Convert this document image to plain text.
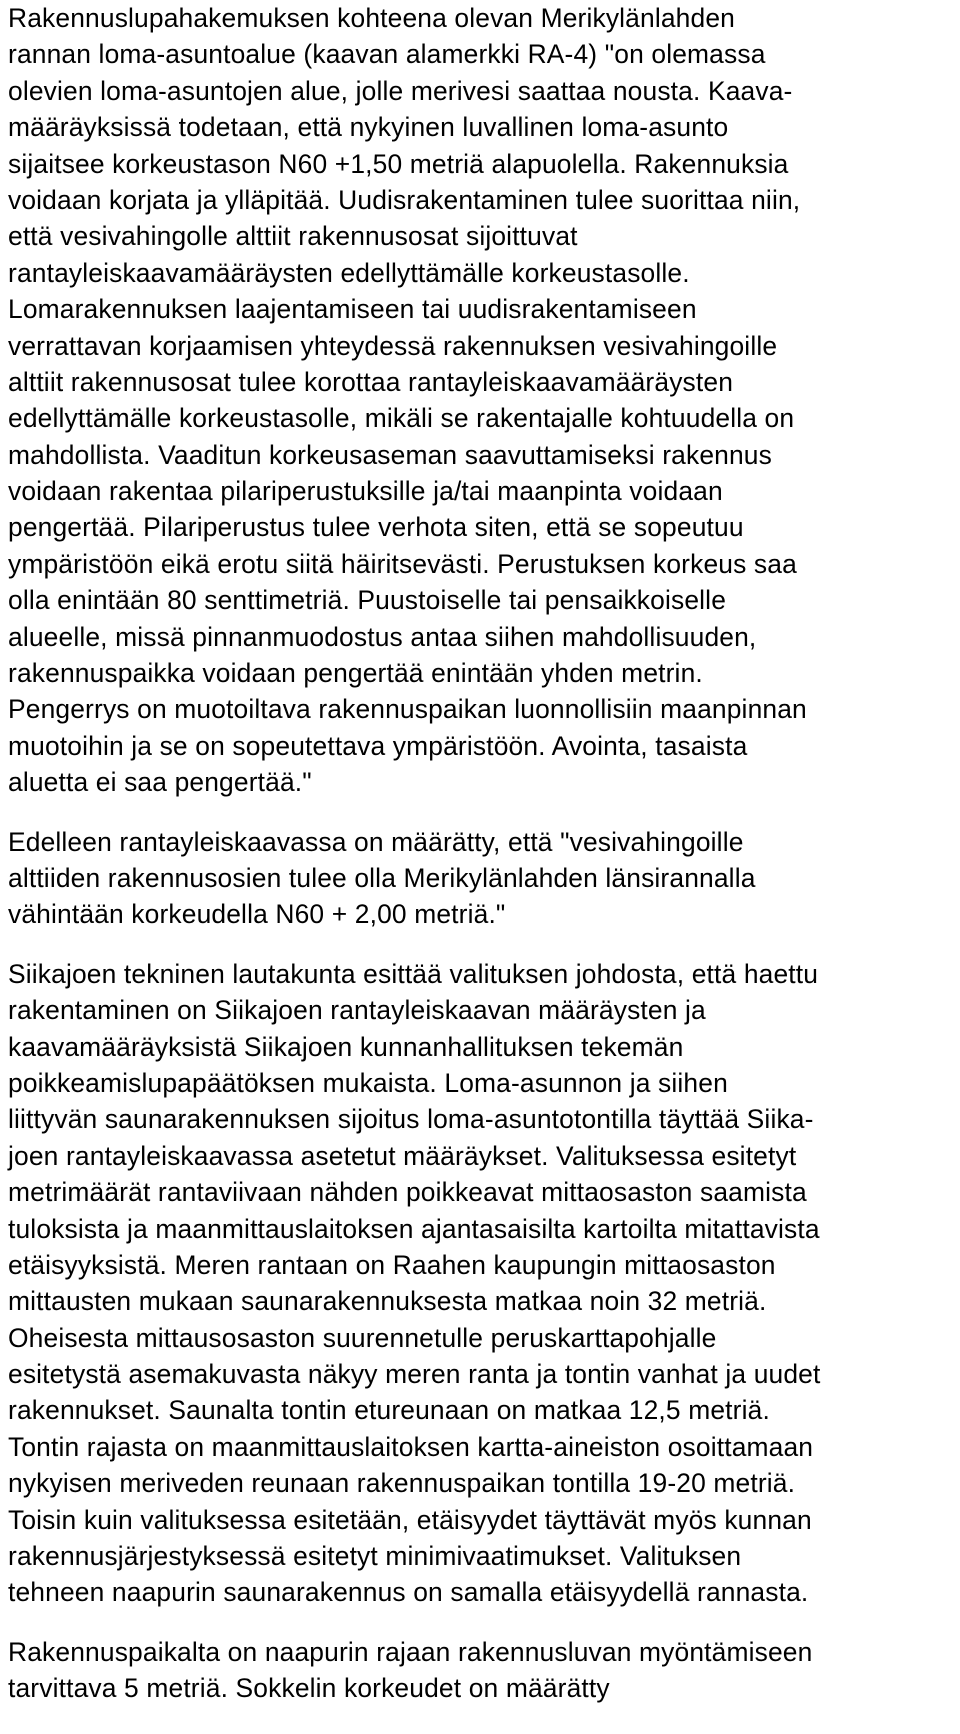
Rakennuslupahakemuksen kohteena olevan Merikylänlahden
rannan loma-asuntoalue (kaavan alamerkki RA-4) "on olemassa
olevien loma-asuntojen alue, jolle merivesi saattaa nousta. Kaava-
määräyksissä todetaan, että nykyinen luvallinen loma-asunto
sijaitsee korkeustason N60 +1,50 metriä alapuolella. Rakennuksia
voidaan korjata ja ylläpitää. Uudisrakentaminen tulee suorittaa niin,
että vesivahingolle alttiit rakennusosat sijoittuvat
rantayleiskaavamääräysten edellyttämälle korkeustasolle.
Lomarakennuksen laajentamiseen tai uudisrakentamiseen
verrattavan korjaamisen yhteydessä rakennuksen vesivahingoille
alttiit rakennusosat tulee korottaa rantayleiskaavamääräysten
edellyttämälle korkeustasolle, mikäli se rakentajalle kohtuudella on
mahdollista. Vaaditun korkeusaseman saavuttamiseksi rakennus
voidaan rakentaa pilariperustuksille ja/tai maanpinta voidaan
pengertää. Pilariperustus tulee verhota siten, että se sopeutuu
ympäristöön eikä erotu siitä häiritsevästi. Perustuksen korkeus saa
olla enintään 80 senttimetriä. Puustoiselle tai pensaikkoiselle
alueelle, missä pinnanmuodostus antaa siihen mahdollisuuden,
rakennuspaikka voidaan pengertää enintään yhden metrin.
Pengerrys on muotoiltava rakennuspaikan luonnollisiin maanpinnan
muotoihin ja se on sopeutettava ympäristöön. Avointa, tasaista
aluetta ei saa pengertää."
Edelleen rantayleiskaavassa on määrätty, että "vesivahingoille
alttiiden rakennusosien tulee olla Merikylänlahden länsirannalla
vähintään korkeudella N60 + 2,00 metriä."
Siikajoen tekninen lautakunta esittää valituksen johdosta, että haettu
rakentaminen on Siikajoen rantayleiskaavan määräysten ja
kaavamääräyksistä Siikajoen kunnanhallituksen tekemän
poikkeamislupapäätöksen mukaista. Loma-asunnon ja siihen
liittyvän saunarakennuksen sijoitus loma-asuntotontilla täyttää Siika-
joen rantayleiskaavassa asetetut määräykset. Valituksessa esitetyt
metrimäärät rantaviivaan nähden poikkeavat mittaosaston saamista
tuloksista ja maanmittauslaitoksen ajantasaisilta kartoilta mitattavista
etäisyyksistä. Meren rantaan on Raahen kaupungin mittaosaston
mittausten mukaan saunarakennuksesta matkaa noin 32 metriä.
Oheisesta mittausosaston suurennetulle peruskarttapohjalle
esitetystä asemakuvasta näkyy meren ranta ja tontin vanhat ja uudet
rakennukset. Saunalta tontin etureunaan on matkaa 12,5 metriä.
Tontin rajasta on maanmittauslaitoksen kartta-aineiston osoittamaan
nykyisen meriveden reunaan rakennuspaikan tontilla 19-20 metriä.
Toisin kuin valituksessa esitetään, etäisyydet täyttävät myös kunnan
rakennusjärjestyksessä esitetyt minimivaatimukset. Valituksen
tehneen naapurin saunarakennus on samalla etäisyydellä rannasta.
Rakennuspaikalta on naapurin rajaan rakennusluvan myöntämiseen
tarvittava 5 metriä. Sokkelin korkeudet on määrätty
